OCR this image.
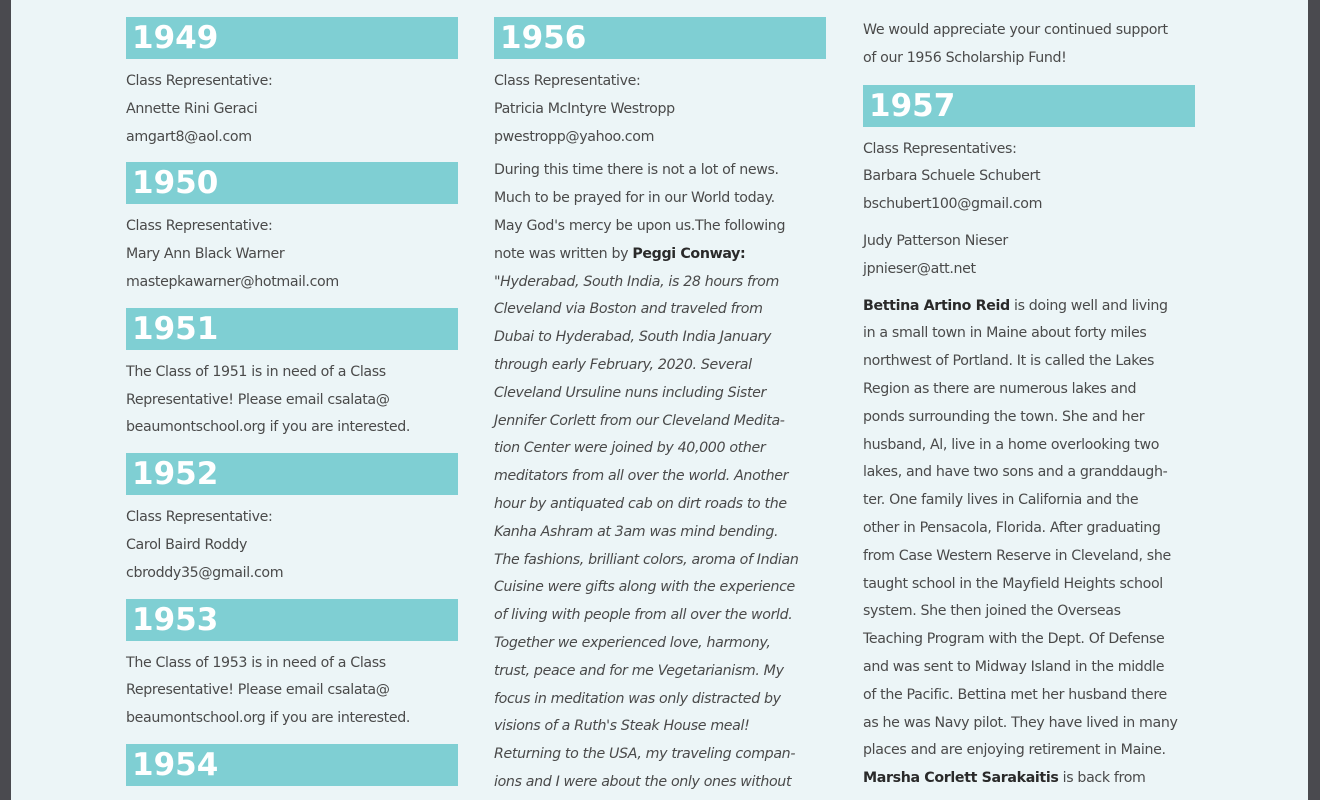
1949
Class Representative:
Annette Rini Geraci
amgart8@aol.com
1950
Class Representative:
Mary Ann Black Warner
mastepkawarner@hotmail.com
1951
The Class of 1951 is in need of a Class
Representative! Please email csalata@
beaumontschool.org if you are interested.
1952
Class Representative:
Carol Baird Roddy
cbroddy35@gmail.com
1953
The Class of 1953 is in need of a Class
Representative! Please email csalata@
beaumontschool.org if you are interested.
1954
1956
Class Representative:
Patricia McIntyre Westropp
pwestropp@yahoo.com
During this time there is not a lot of news.
Much to be prayed for in our World today.
May God's mercy be upon us.The following
note was written by Peggi Conway:
"Hyderabad, South India, is 28 hours from
Cleveland via Boston and traveled from
Dubai to Hyderabad, South India January
through early February, 2020. Several
Cleveland Ursuline nuns including Sister
Jennifer Corlett from our Cleveland Medita-
tion Center were joined by 40,000 other
meditators from all over the world. Another
hour by antiquated cab on dirt roads to the
Kanha Ashram at 3am was mind bending.
The fashions, brilliant colors, aroma of Indian
Cuisine were gifts along with the experience
of living with people from all over the world.
Together we experienced love, harmony,
trust, peace and for me Vegetarianism. My
focus in meditation was only distracted by
visions of a Ruth's Steak House meal!
Returning to the USA, my traveling compan-
ions and I were about the only ones without
We would appreciate your continued support
of our 1956 Scholarship Fund!
1957
Class Representatives:
Barbara Schuele Schubert
bschubert100@gmail.com
Judy Patterson Nieser
jpnieser@att.net
Bettina Artino Reid is doing well and living
in a small town in Maine about forty miles
northwest of Portland. It is called the Lakes
Region as there are numerous lakes and
ponds surrounding the town. She and her
husband, Al, live in a home overlooking two
lakes, and have two sons and a granddaugh-
ter. One family lives in California and the
other in Pensacola, Florida. After graduating
from Case Western Reserve in Cleveland, she
taught school in the Mayfield Heights school
system. She then joined the Overseas
Teaching Program with the Dept. Of Defense
and was sent to Midway Island in the middle
of the Pacific. Bettina met her husband there
as he was Navy pilot. They have lived in many
places and are enjoying retirement in Maine.
Marsha Corlett Sarakaitis is back from
